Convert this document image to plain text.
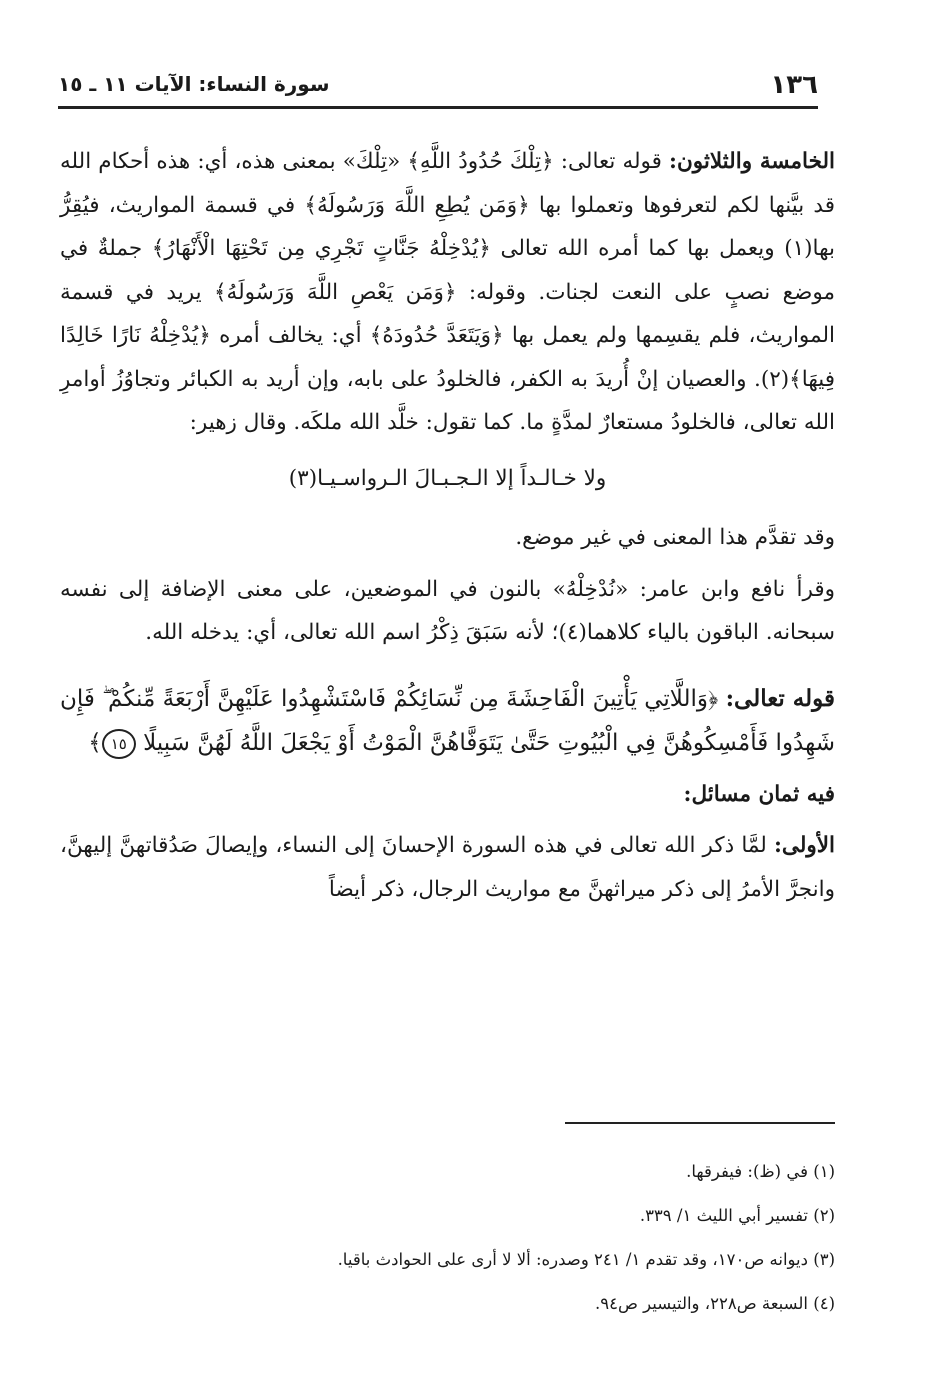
١٣٦
سورة النساء: الآيات ١١ ـ ١٥

الخامسة والثلاثون: قوله تعالى: ﴿تِلْكَ حُدُودُ اللَّهِ﴾ «تِلْكَ» بمعنى هذه، أي: هذه أحكام الله قد بيَّنها لكم لتعرفوها وتعملوا بها ﴿وَمَن يُطِعِ اللَّهَ وَرَسُولَهُ﴾ في قسمة المواريث، فيُقِرُّ بها(١) ويعمل بها كما أمره الله تعالى ﴿يُدْخِلْهُ جَنَّاتٍ تَجْرِي مِن تَحْتِهَا الْأَنْهَارُ﴾ جملةٌ في موضع نصبٍ على النعت لجنات. وقوله: ﴿وَمَن يَعْصِ اللَّهَ وَرَسُولَهُ﴾ يريد في قسمة المواريث، فلم يقسِمها ولم يعمل بها ﴿وَيَتَعَدَّ حُدُودَهُ﴾ أي: يخالف أمره ﴿يُدْخِلْهُ نَارًا خَالِدًا فِيهَا﴾(٢). والعصيان إنْ أُريدَ به الكفر، فالخلودُ على بابه، وإن أريد به الكبائر وتجاوُزُ أوامرِ الله تعالى، فالخلودُ مستعارٌ لمدَّةٍ ما. كما تقول: خلَّد الله ملكَه. وقال زهير:

ولا خـالـداً إلا الـجـبـالَ الـرواسـيـا(٣)

وقد تقدَّم هذا المعنى في غير موضع.

وقرأ نافع وابن عامر: «نُدْخِلْهُ» بالنون في الموضعين، على معنى الإضافة إلى نفسه سبحانه. الباقون بالياء كلاهما(٤)؛ لأنه سَبَقَ ذِكْرُ اسم الله تعالى، أي: يدخله الله.

قوله تعالى: ﴿وَاللَّاتِي يَأْتِينَ الْفَاحِشَةَ مِن نِّسَائِكُمْ فَاسْتَشْهِدُوا عَلَيْهِنَّ أَرْبَعَةً مِّنكُمْ ۖ فَإِن شَهِدُوا فَأَمْسِكُوهُنَّ فِي الْبُيُوتِ حَتَّىٰ يَتَوَفَّاهُنَّ الْمَوْتُ أَوْ يَجْعَلَ اللَّهُ لَهُنَّ سَبِيلًا ١٥﴾

فيه ثمان مسائل:

الأولى: لمَّا ذكر الله تعالى في هذه السورة الإحسانَ إلى النساء، وإيصالَ صَدُقاتهنَّ إليهنَّ، وانجرَّ الأمرُ إلى ذكر ميراثهنَّ مع مواريث الرجال، ذكر أيضاً

(١) في (ظ): فيفرقها.

(٢) تفسير أبي الليث ١/ ٣٣٩.

(٣) ديوانه ص١٧٠، وقد تقدم ١/ ٢٤١ وصدره: ألا لا أرى على الحوادث باقيا.

(٤) السبعة ص٢٢٨، والتيسير ص٩٤.
